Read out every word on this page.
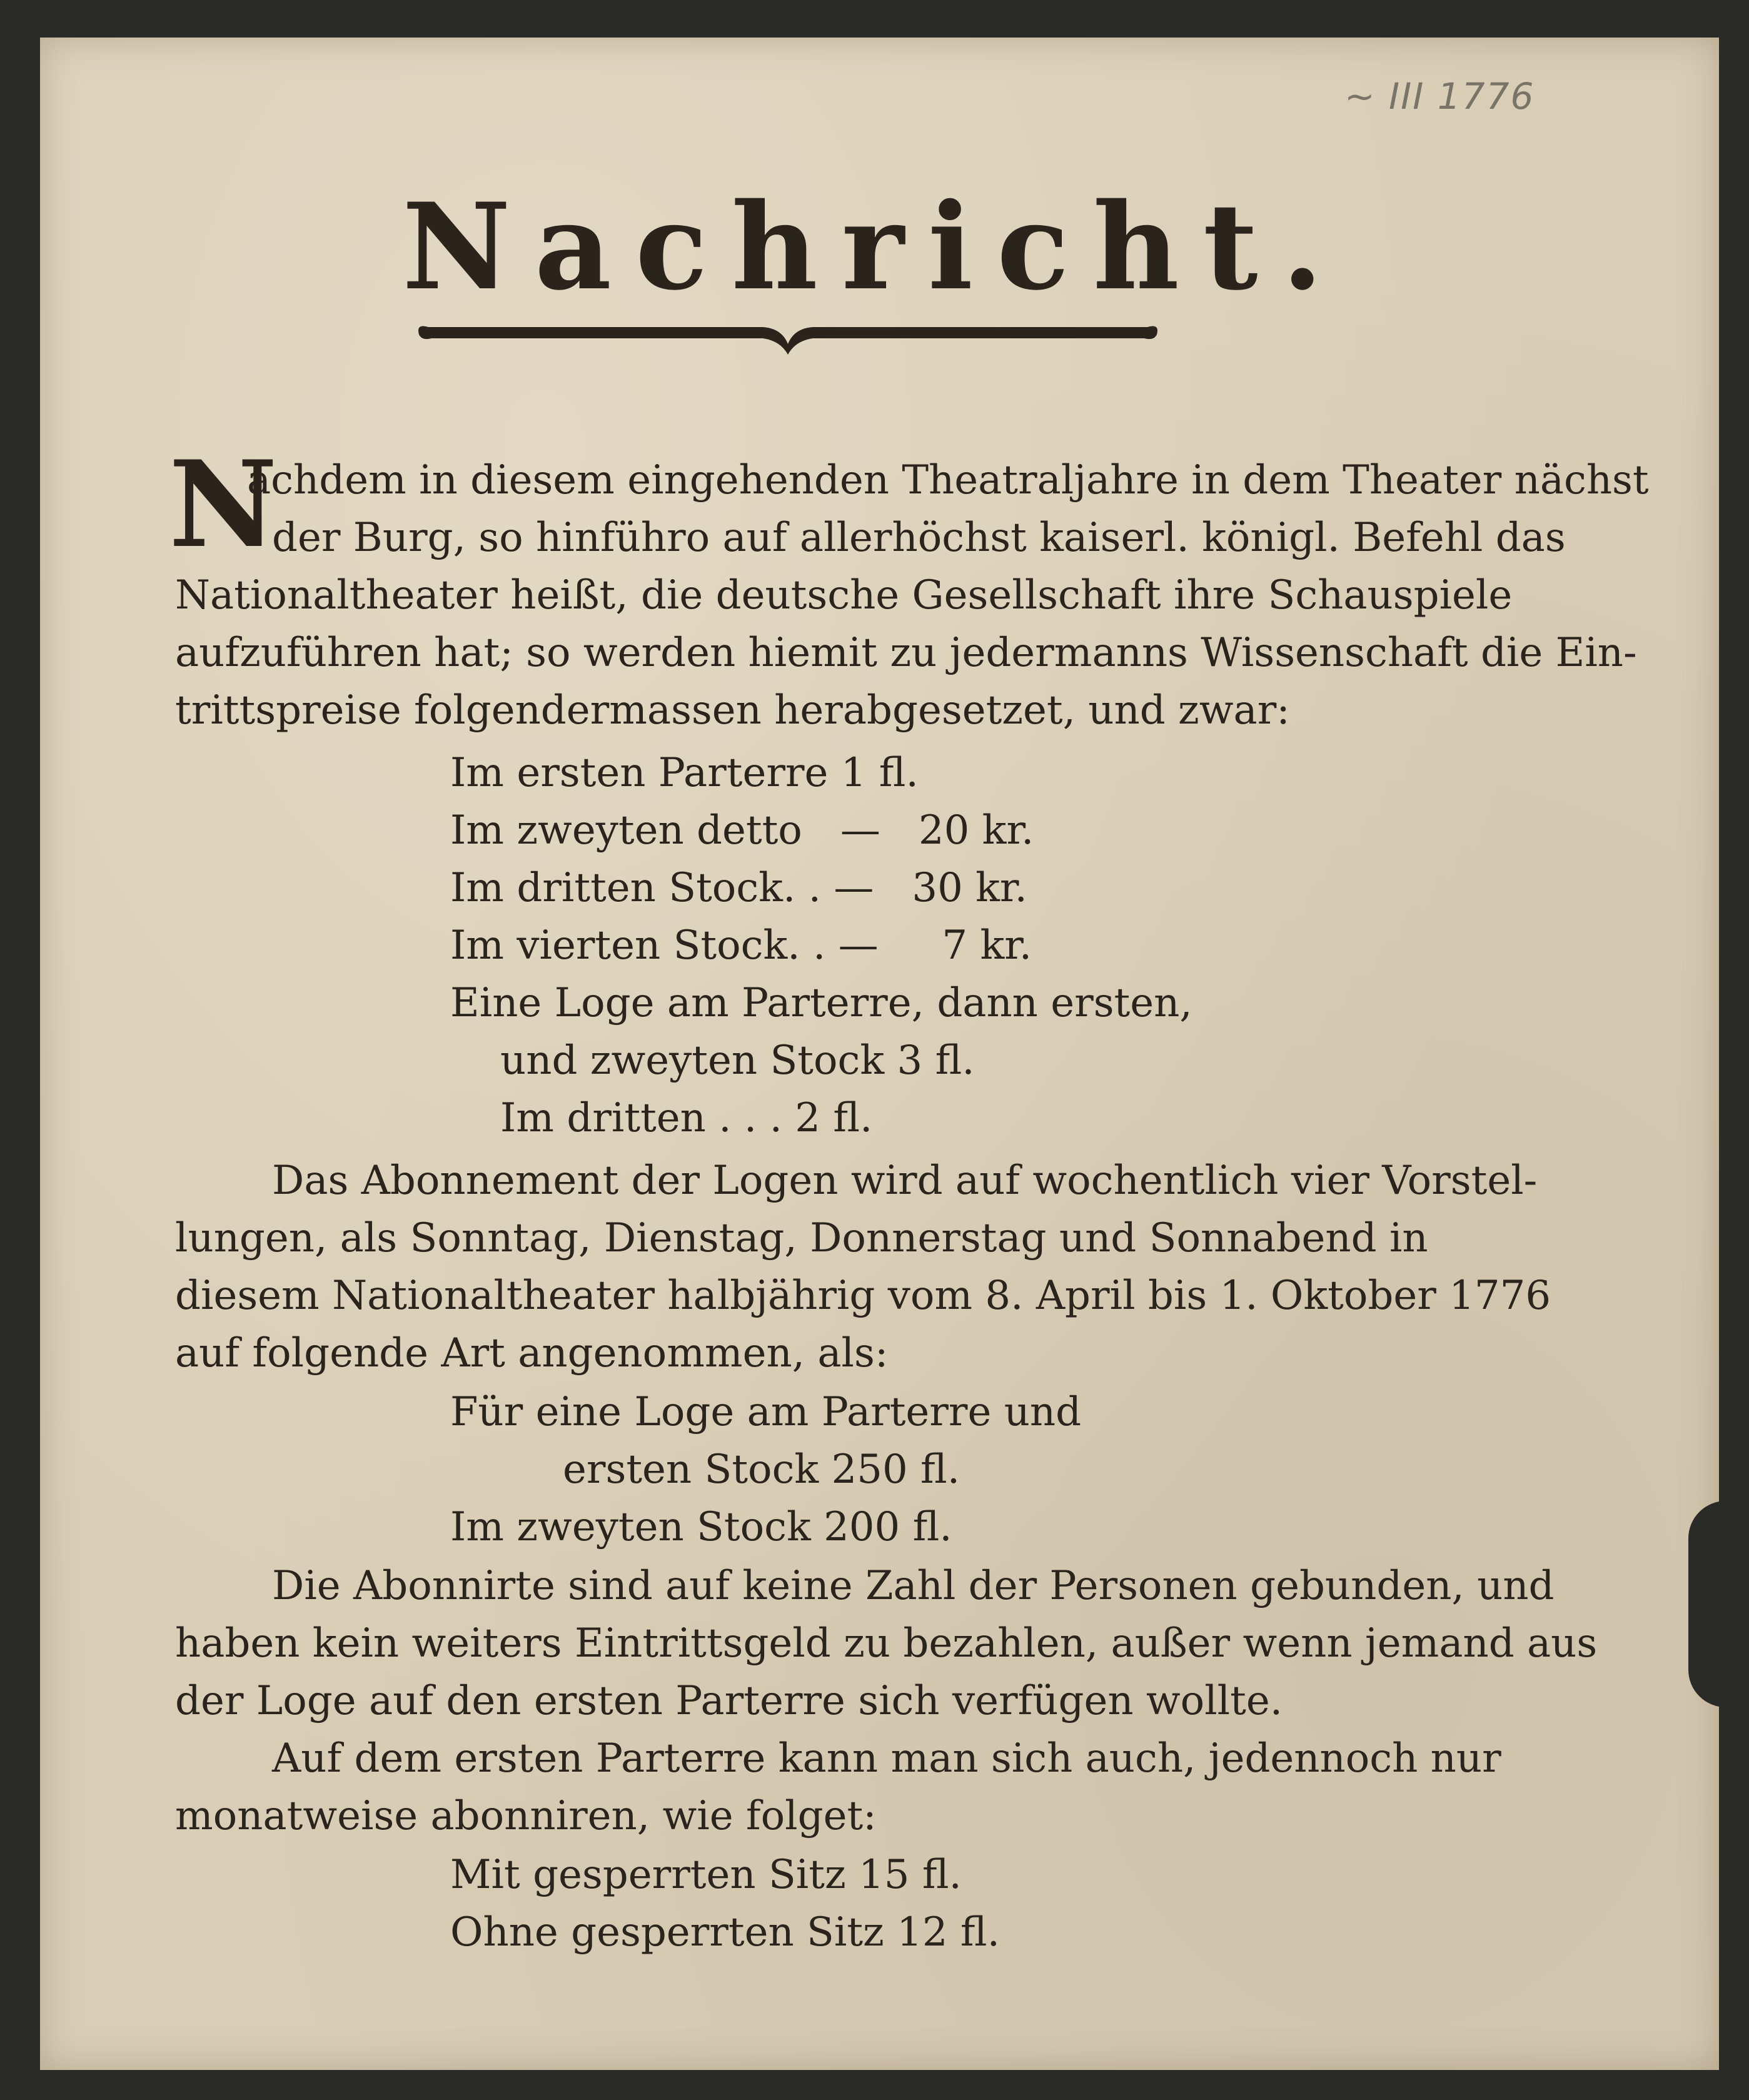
~ III 1776
Nachricht.
N
achdem in diesem eingehenden Theatraljahre in dem Theater nächst
der Burg, so hinführo auf allerhöchst kaiserl. königl. Befehl das
Nationaltheater heißt, die deutsche Gesellschaft ihre Schauspiele
aufzuführen hat; so werden hiemit zu jedermanns Wissenschaft die Ein-
trittspreise folgendermassen herabgesetzet, und zwar:
Im ersten Parterre 1 fl.
Im zweyten detto   —   20 kr.
Im dritten Stock. . —   30 kr.
Im vierten Stock. . —     7 kr.
Eine Loge am Parterre, dann ersten,
und zweyten Stock 3 fl.
Im dritten . . . 2 fl.
Das Abonnement der Logen wird auf wochentlich vier Vorstel-
lungen, als Sonntag, Dienstag, Donnerstag und Sonnabend in
diesem Nationaltheater halbjährig vom 8. April bis 1. Oktober 1776
auf folgende Art angenommen, als:
Für eine Loge am Parterre und
ersten Stock 250 fl.
Im zweyten Stock 200 fl.
Die Abonnirte sind auf keine Zahl der Personen gebunden, und
haben kein weiters Eintrittsgeld zu bezahlen, außer wenn jemand aus
der Loge auf den ersten Parterre sich verfügen wollte.
Auf dem ersten Parterre kann man sich auch, jedennoch nur
monatweise abonniren, wie folget:
Mit gesperrten Sitz 15 fl.
Ohne gesperrten Sitz 12 fl.
